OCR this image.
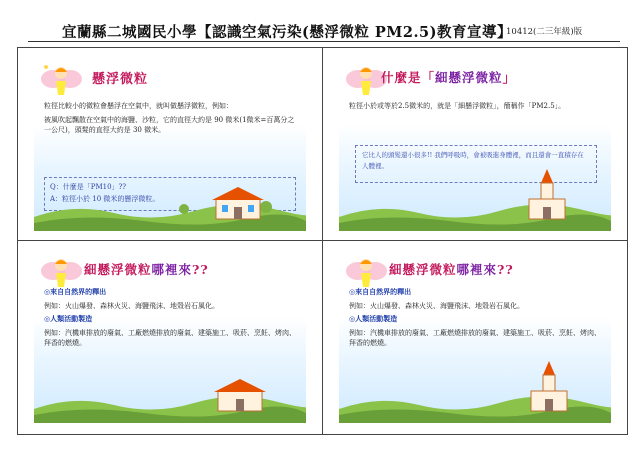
宜蘭縣二城國民小學【認識空氣污染(懸浮微粒 PM2.5)教育宣導】
10412(二三年級)版
懸浮微粒

粒徑比較小的微粒會懸浮在空氣中，就叫做懸浮微粒，例如：

被風吹起飄散在空氣中的海鹽、沙粒，它的直徑大約是 90 微米(1微米=百萬分之一公尺)，頭髮的直徑大約是 30 微米。

Q：什麼是「PM10」??
A：粒徑小於 10 微米的懸浮微粒。
什麼是「細懸浮微粒」

粒徑小於或等於2.5微米的，就是「細懸浮微粒」，簡稱作「PM2.5」。

它比人的頭髮還小很多!! 我們呼吸時，會被吸進身體裡，而且還會一直積存在人體裡。
細懸浮微粒哪裡來??

◎來自自然界的釋出

例如：火山爆發、森林火災、海鹽飛沫、地殼岩石風化。

◎人類活動製造

例如：汽機車排放的廢氣、工廠燃燒排放的廢氣、建築施工、吸菸、烹飪、烤肉、拜香的燃燒。

細懸浮微粒哪裡來??

◎來自自然界的釋出

例如：火山爆發、森林火災、海鹽飛沫、地殼岩石風化。

◎人類活動製造

例如：汽機車排放的廢氣、工廠燃燒排放的廢氣、建築施工、吸菸、烹飪、烤肉、拜香的燃燒。
